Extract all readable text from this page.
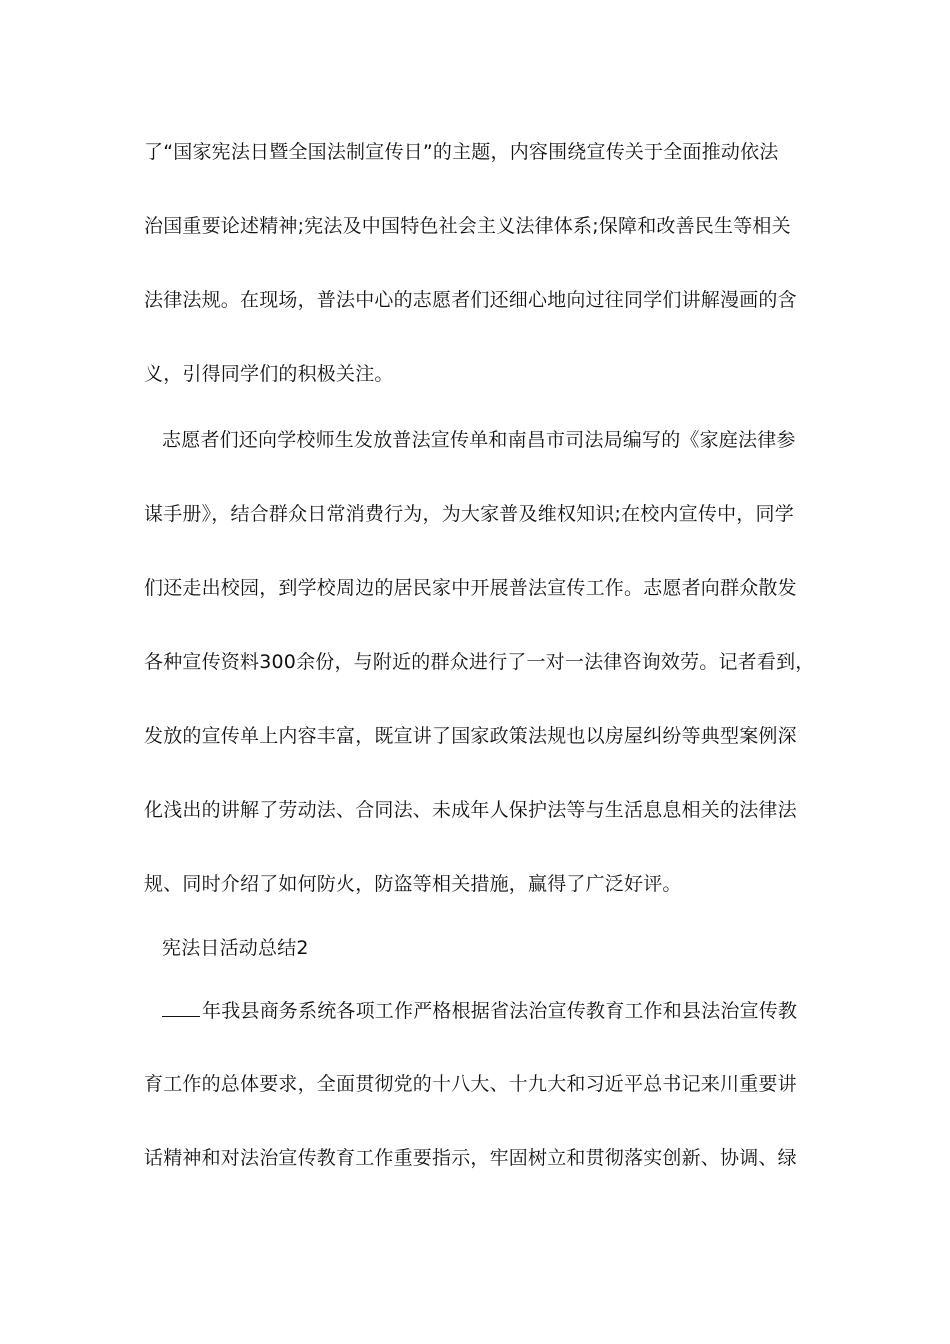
了“国家宪法日暨全国法制宣传日”的主题，内容围绕宣传关于全面推动依法
治国重要论述精神;宪法及中国特色社会主义法律体系;保障和改善民生等相关
法律法规。在现场，普法中心的志愿者们还细心地向过往同学们讲解漫画的含
义，引得同学们的积极关注。
志愿者们还向学校师生发放普法宣传单和南昌市司法局编写的《家庭法律参
谋手册》，结合群众日常消费行为，为大家普及维权知识;在校内宣传中，同学
们还走出校园，到学校周边的居民家中开展普法宣传工作。志愿者向群众散发
各种宣传资料300余份，与附近的群众进行了一对一法律咨询效劳。记者看到，
发放的宣传单上内容丰富，既宣讲了国家政策法规也以房屋纠纷等典型案例深
化浅出的讲解了劳动法、合同法、未成年人保护法等与生活息息相关的法律法
规、同时介绍了如何防火，防盗等相关措施，赢得了广泛好评。
宪法日活动总结2
年我县商务系统各项工作严格根据省法治宣传教育工作和县法治宣传教
育工作的总体要求，全面贯彻党的十八大、十九大和习近平总书记来川重要讲
话精神和对法治宣传教育工作重要指示，牢固树立和贯彻落实创新、协调、绿
